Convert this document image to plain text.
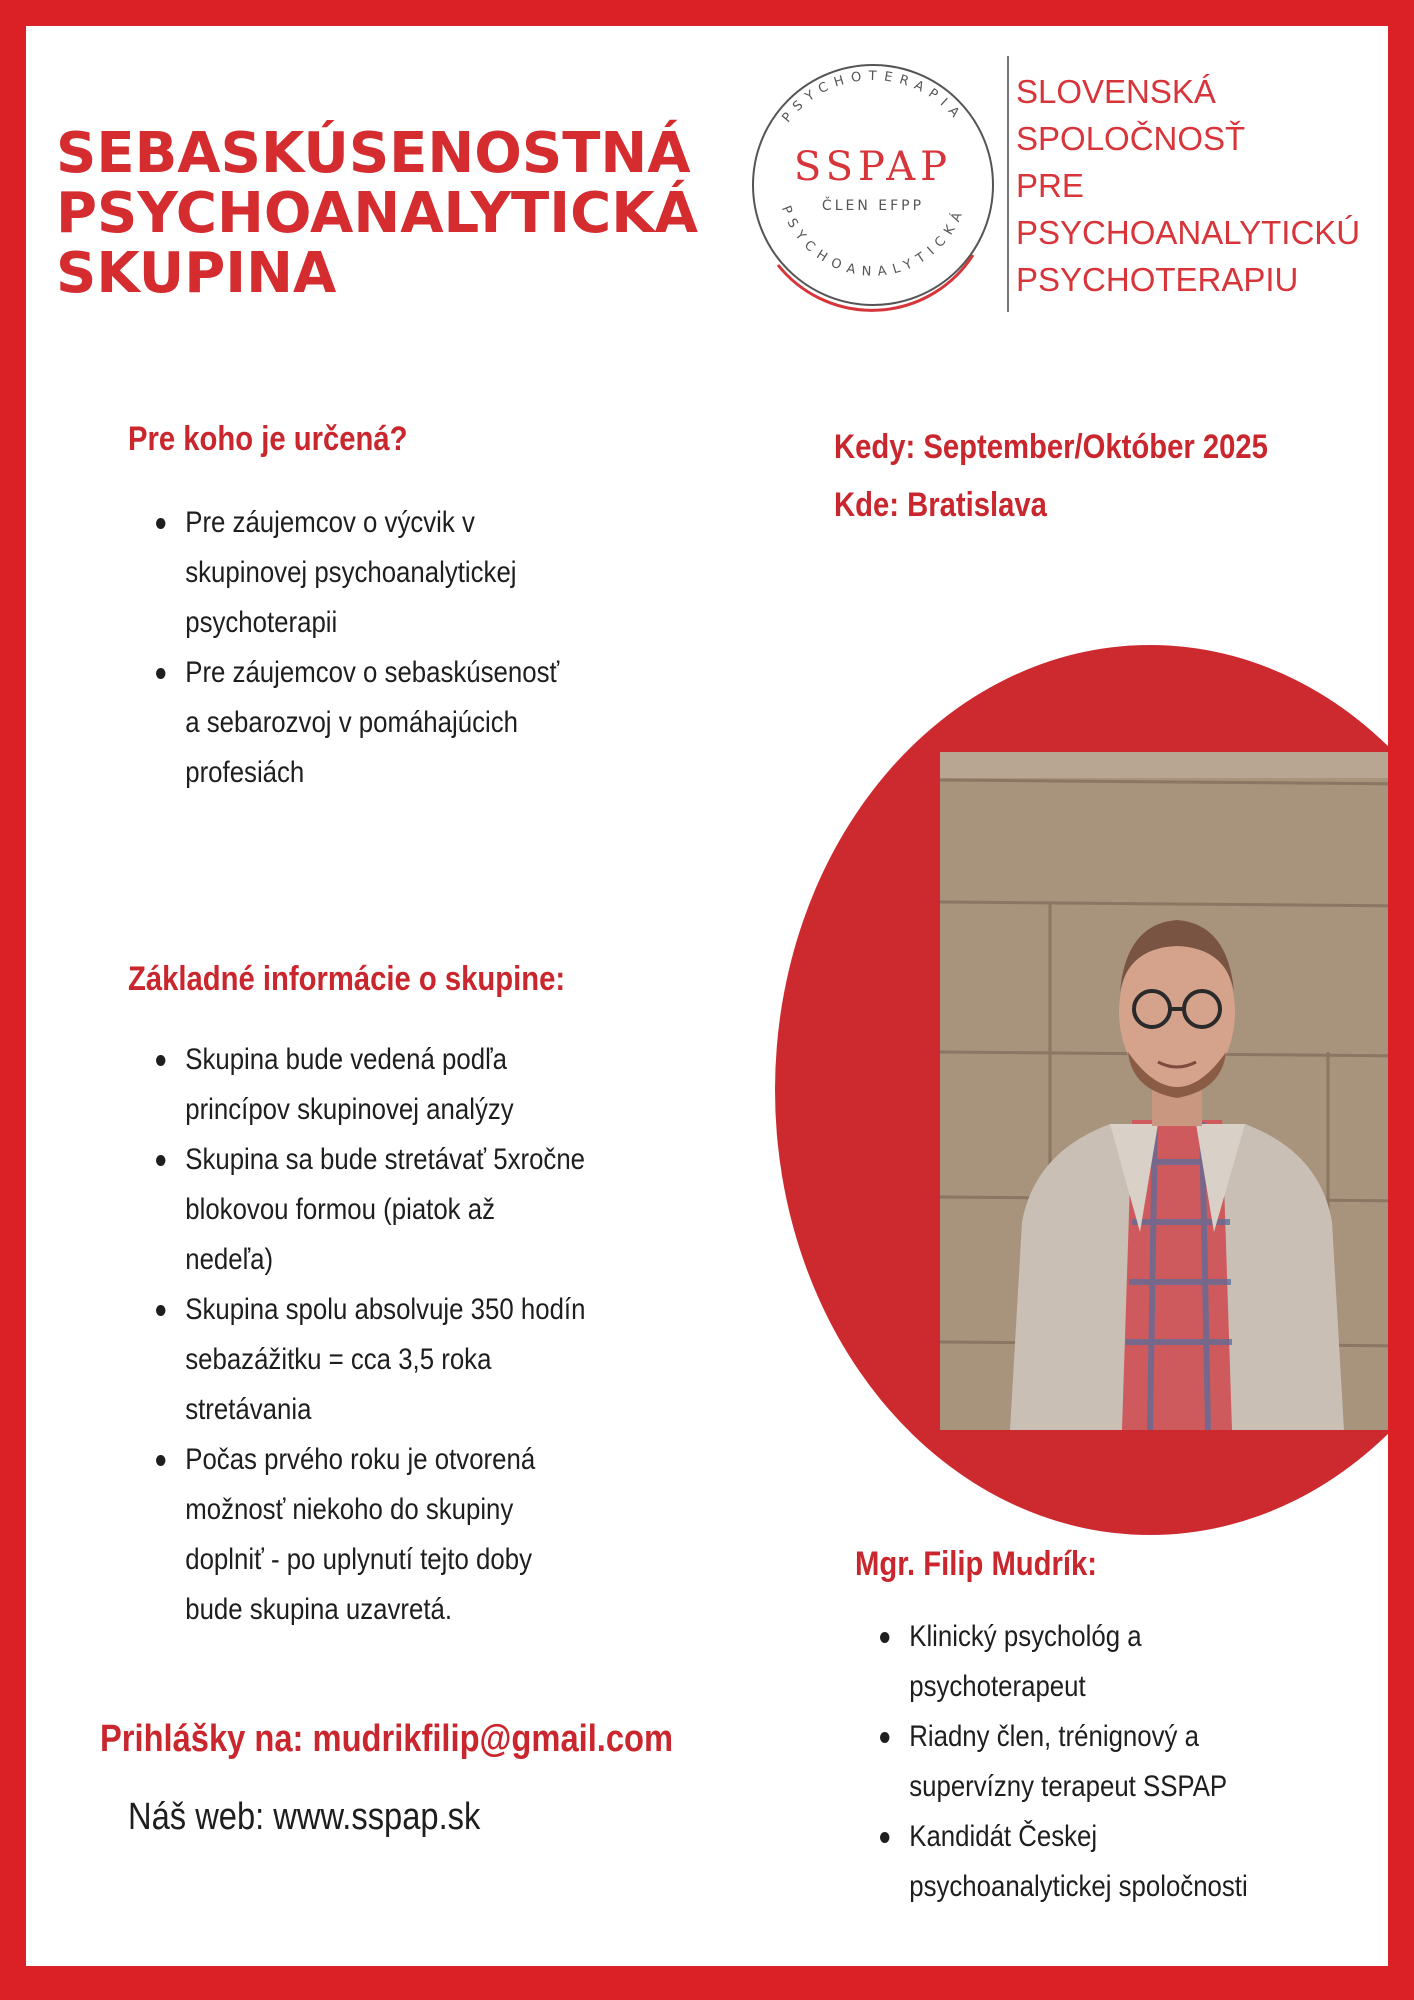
SEBASKÚSENOSTNÁ
PSYCHOANALYTICKÁ
SKUPINA
PSYCHOTERAPIA
PSYCHOANALYTICKÁ
SSPAP
ČLEN EFPP
SLOVENSKÁ
SPOLOČNOSŤ
PRE
PSYCHOANALYTICKÚ
PSYCHOTERAPIU
Pre koho je určená?
Pre záujemcov o výcvik v
skupinovej psychoanalytickej
psychoterapii
Pre záujemcov o sebaskúsenosť
a sebarozvoj v pomáhajúcich
profesiách
Kedy: September/Október 2025
Kde: Bratislava
Základné informácie o skupine:
Skupina bude vedená podľa
princípov skupinovej analýzy
Skupina sa bude stretávať 5xročne
blokovou formou (piatok až
nedeľa)
Skupina spolu absolvuje 350 hodín
sebazážitku = cca 3,5 roka
stretávania
Počas prvého roku je otvorená
možnosť niekoho do skupiny
doplniť - po uplynutí tejto doby
bude skupina uzavretá.
Mgr. Filip Mudrík:
Klinický psychológ a
psychoterapeut
Riadny člen, trénignový a
supervízny terapeut SSPAP
Kandidát Českej
psychoanalytickej spoločnosti
Prihlášky na: mudrikfilip@gmail.com
Náš web: www.sspap.sk
